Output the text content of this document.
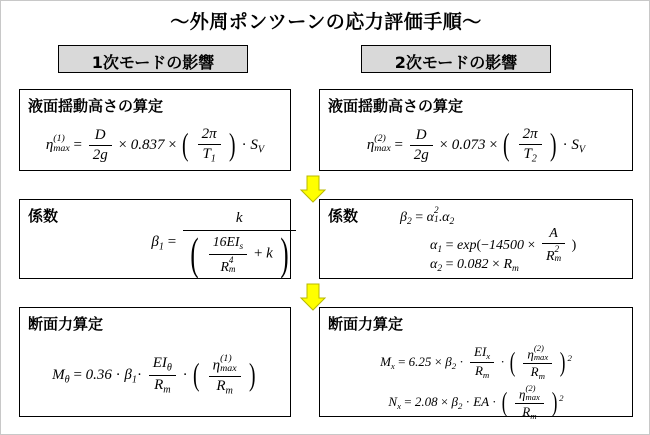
〜外周ポンツーンの応力評価手順〜
1次モードの影響	2次モードの影響
液面揺動高さの算定
η (1)
$\max = \frac{D}{2g} \times 0.837$ × ( $\frac{2\pi}{T_1}$ ) · $S_V$
係数
$\beta_1$ =
k
( $16EI_s$
R 4
m + k )
断面力算定
$M_\theta = 0.36 \cdot \beta_1\cdot \frac{EI_\theta}{R_m}$ · ( η (1)
max
$R_m$ )
液面揺動高さの算定
η (2)
$\max = \frac{D}{2g} \times 0.073$ × ( $\frac{2\pi}{T_2}$ ) · $S_V$
係数	$\beta_2 = \alpha$ 2
1 $.\alpha_2$
$\alpha_1 = \exp(-14500 \times A$
R 2
m )
$\alpha_2 = 0.082 \times R_m$
断面力算定
$M_x = 6.25 \times \beta_2 \cdot \frac{EI_x}{R_m}$ · ( η (2)
max
$R_m$ ) $^2$
$N_x = 2.08 \times \beta_2$ · EA · ( η (2)
max
$R_m$ ) $^2$
